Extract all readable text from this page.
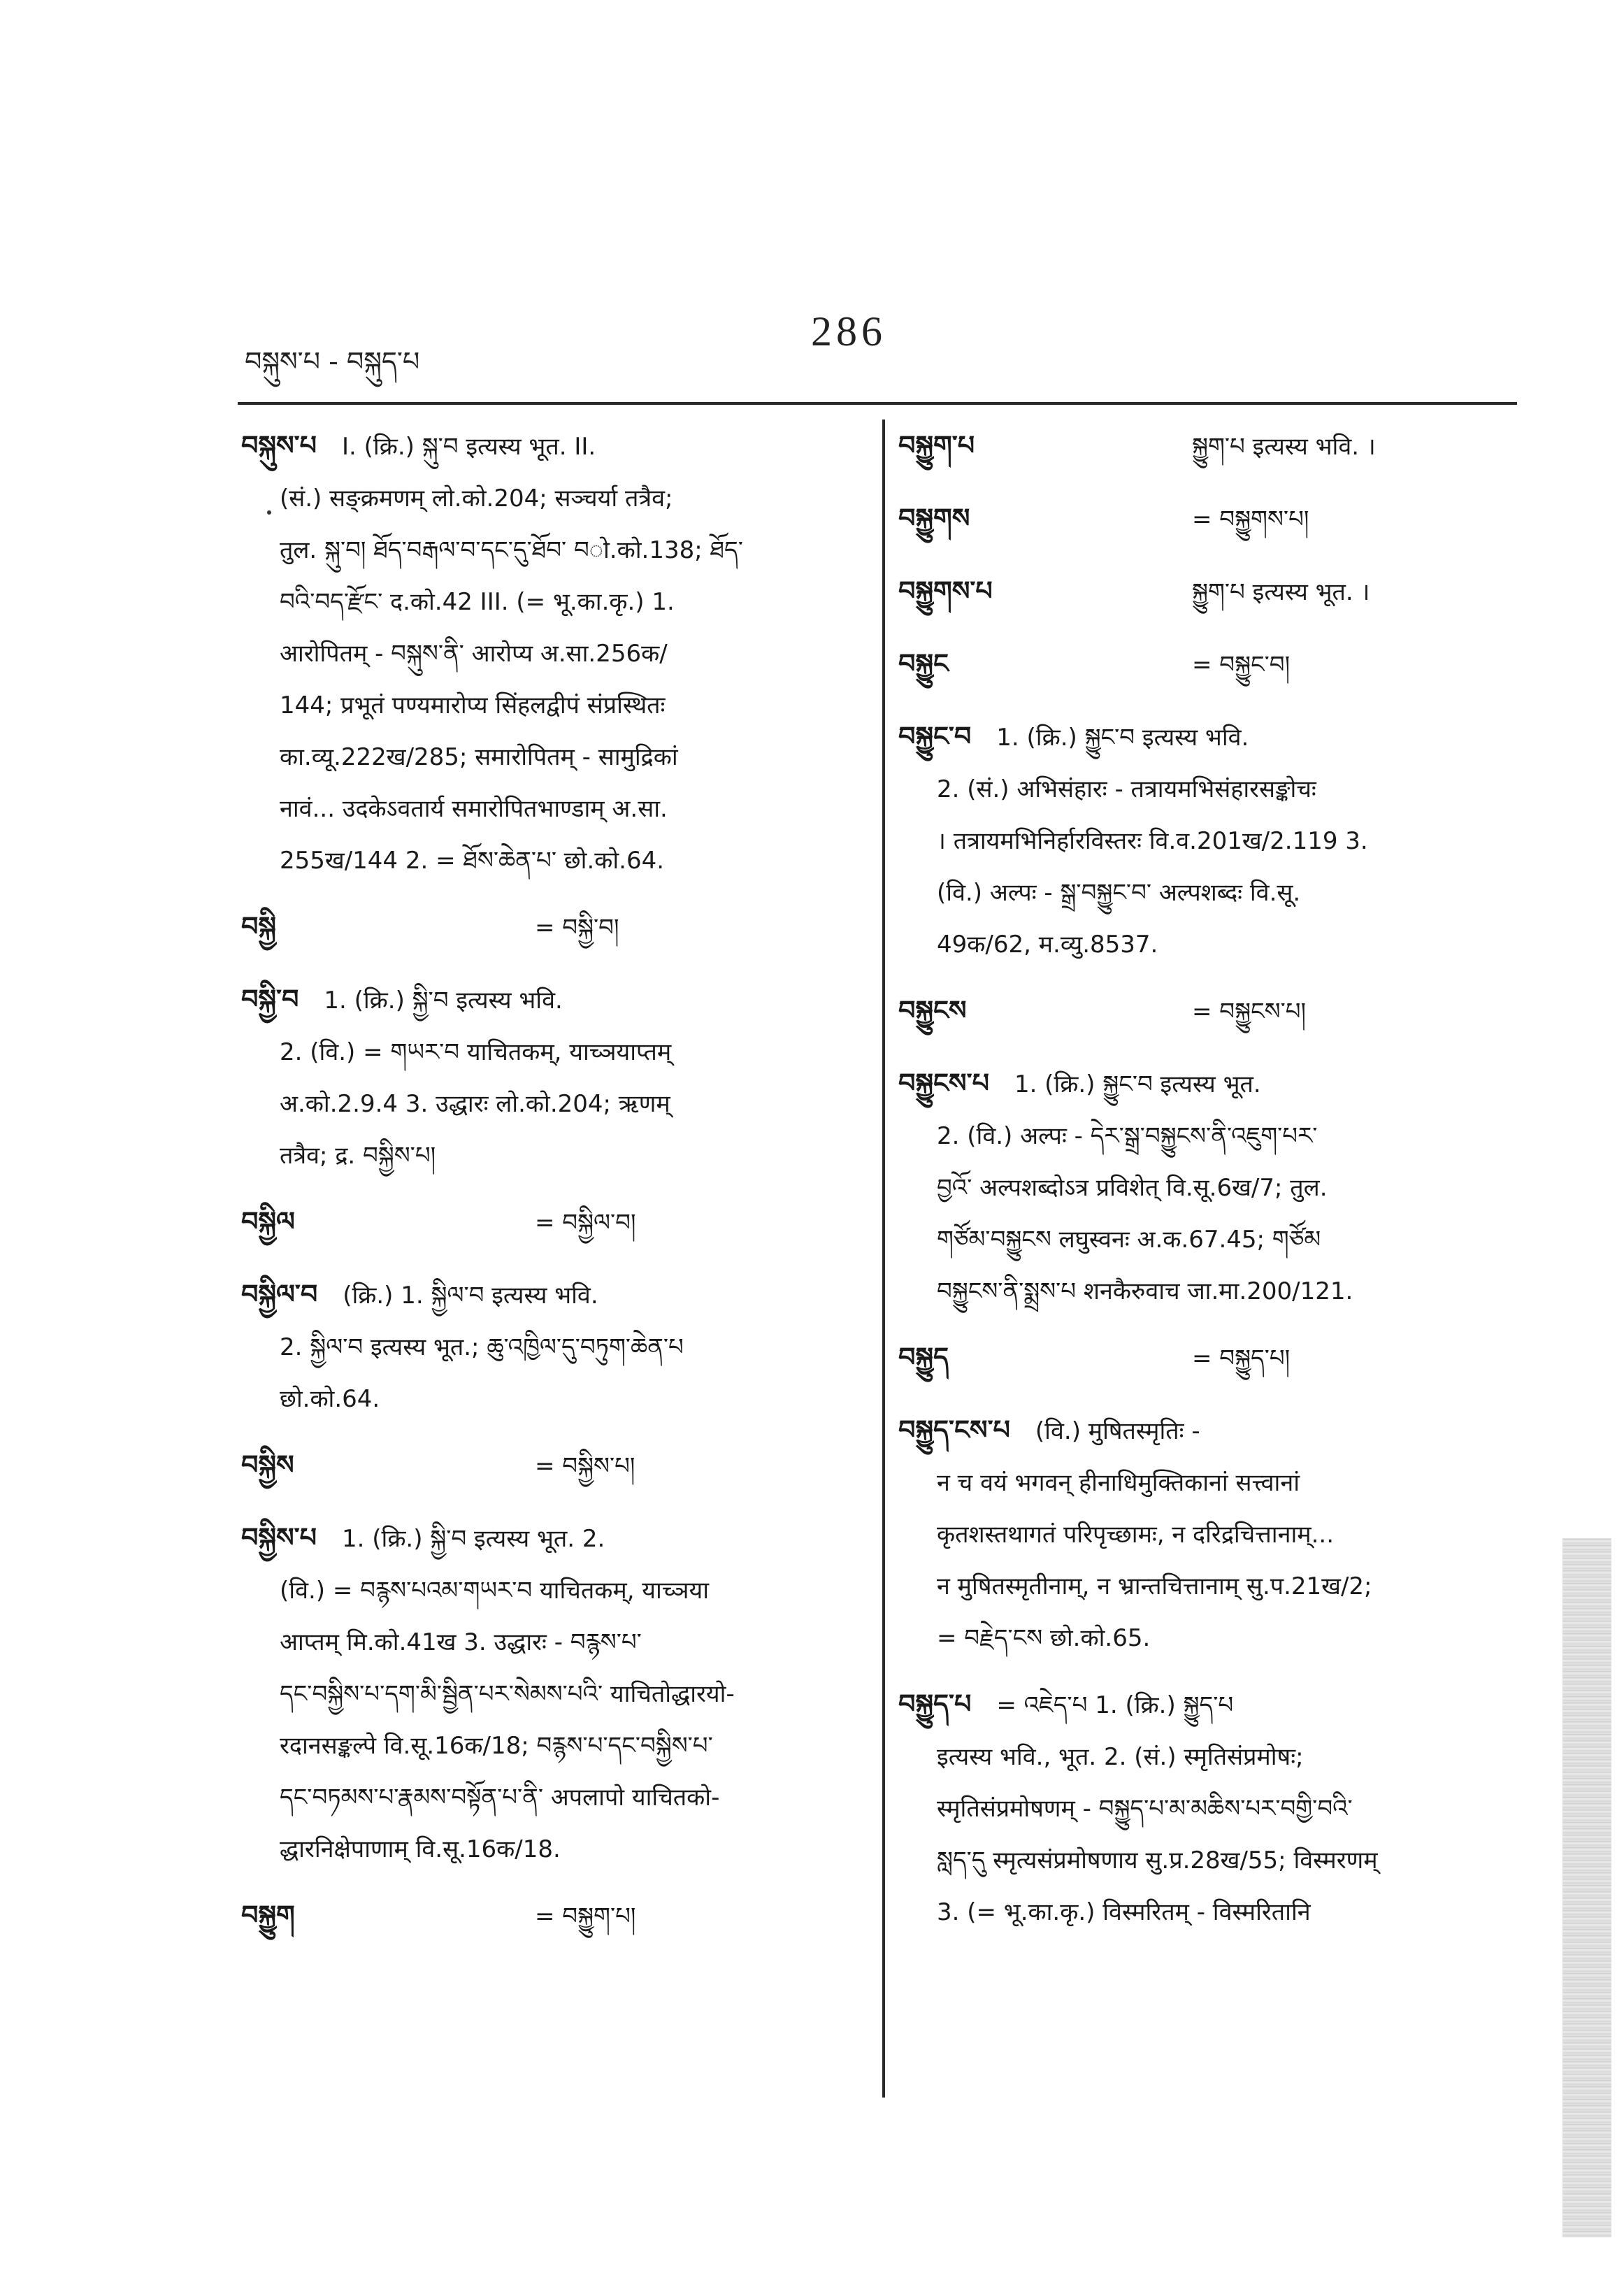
བསྐུས་པ - བསྐུད་པ
286
བསྐུས་པ I. (क्रि.) སྐུ་བ इत्यस्य भूत. II.
(सं.) सङ्क्रमणम् लो.को.204; सञ्चर्या तत्रैव;
तुल. སྐུ་བ། ཐོད་བརྒལ་བ་དང་དུ་ཐོབ་ བो.को.138; ཐོད་
བའི་བད་རྫོང་ द.को.42 III. (= भू.का.कृ.) 1.
आरोपितम् - བསྐུས་ནི་ आरोप्य अ.सा.256क/
144; प्रभूतं पण्यमारोप्य सिंहलद्वीपं संप्रस्थितः
का.व्यू.222ख/285; समारोपितम् - सामुद्रिकां
नावं... उदकेऽवतार्य समारोपितभाण्डाम् अ.सा.
255ख/144 2. = ཐོས་ཆེན་པ་ छो.को.64.
བསྐྱི	= བསྐྱི་བ།
བསྐྱི་བ 1. (क्रि.) སྐྱི་བ इत्यस्य भवि.
2. (वि.) = གཡར་བ याचितकम्, याच्ञयाप्तम्
अ.को.2.9.4 3. उद्धारः लो.को.204; ऋणम्
तत्रैव; द्र. བསྐྱིས་པ།
བསྐྱིལ	= བསྐྱིལ་བ།
བསྐྱིལ་བ (क्रि.) 1. སྐྱིལ་བ इत्यस्य भवि.
2. སྐྱིལ་བ इत्यस्य भूत.; ཆུ་འཁྱིལ་དུ་བཏུག་ཆེན་པ
छो.को.64.
བསྐྱིས	= བསྐྱིས་པ།
བསྐྱིས་པ 1. (क्रि.) སྐྱི་བ इत्यस्य भूत. 2.
(वि.) = བརྙས་པའམ་གཡར་བ याचितकम्, याच्ञया
आप्तम् मि.को.41ख 3. उद्धारः - བརྙས་པ་
དང་བསྐྱིས་པ་དག་མི་སྦྱིན་པར་སེམས་པའི་ याचितोद्धारयो-
रदानसङ्कल्पे वि.सू.16क/18; བརྙས་པ་དང་བསྐྱིས་པ་
དང་བཏམས་པ་རྣམས་བསྟོན་པ་ནི་ अपलापो याचितको-
द्धारनिक्षेपाणाम् वि.सू.16क/18.
བསྐྱུག	= བསྐྱུག་པ།
བསྐྱུག་པ	སྐྱུག་པ इत्यस्य भवि. ।
བསྐྱུགས	= བསྐྱུགས་པ།
བསྐྱུགས་པ	སྐྱུག་པ इत्यस्य भूत. ।
བསྐྱུང	= བསྐྱུང་བ།
བསྐྱུང་བ 1. (क्रि.) སྐྱུང་བ इत्यस्य भवि.
2. (सं.) अभिसंहारः - तत्रायमभिसंहारसङ्कोचः
। तत्रायमभिनिर्हारविस्तरः वि.व.201ख/2.119 3.
(वि.) अल्पः - སྒྲ་བསྐྱུང་བ་ अल्पशब्दः वि.सू.
49क/62, म.व्यु.8537.
བསྐྱུངས	= བསྐྱུངས་པ།
བསྐྱུངས་པ 1. (क्रि.) སྐྱུང་བ इत्यस्य भूत.
2. (वि.) अल्पः - དེར་སྒྲ་བསྐྱུངས་ནི་འཇུག་པར་
བྱའོ་ अल्पशब्दोऽत्र प्रविशेत् वि.सू.6ख/7; तुल.
གཙོམ་བསྐྱུངས लघुस्वनः अ.क.67.45; གཙོམ
བསྐྱུངས་ནི་སྨྲས་པ शनकैरुवाच जा.मा.200/121.
བསྐྱུད	= བསྐྱུད་པ།
བསྐྱུད་ངས་པ (वि.) मुषितस्मृतिः -
न च वयं भगवन् हीनाधिमुक्तिकानां सत्त्वानां
कृतशस्तथागतं परिपृच्छामः, न दरिद्रचित्तानाम्...
न मुषितस्मृतीनाम्, न भ्रान्तचित्तानाम् सु.प.21ख/2;
= བརྗེད་ངས छो.को.65.
བསྐྱུད་པ = འཇེད་པ 1. (क्रि.) སྐྱུད་པ
इत्यस्य भवि., भूत. 2. (सं.) स्मृतिसंप्रमोषः;
स्मृतिसंप्रमोषणम् - བསྐྱུད་པ་མ་མཆིས་པར་བགྱི་བའི་
སླད་དུ स्मृत्यसंप्रमोषणाय सु.प्र.28ख/55; विस्मरणम्
3. (= भू.का.कृ.) विस्मरितम् - विस्मरितानि
